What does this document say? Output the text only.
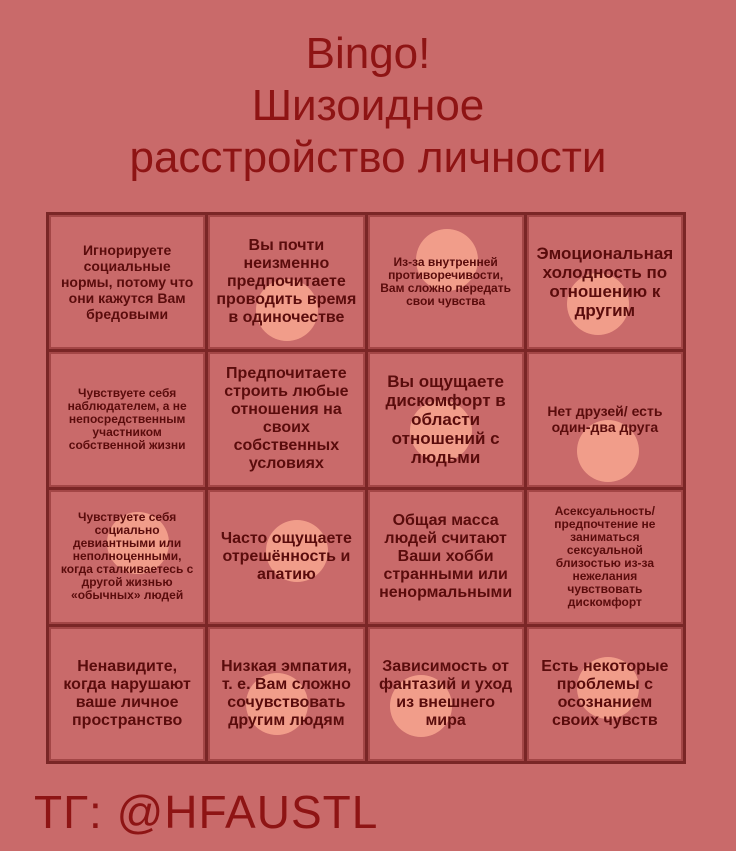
Bingo!
Шизоидное
расстройство личности
Игнорируете социальные нормы, потому что они кажутся Вам бредовыми
Вы почти неизменно предпочитаете проводить время в одиночестве
Из-за внутренней противоречивости, Вам сложно передать свои чувства
Эмоциональная холодность по отношению к другим
Чувствуете себя наблюдателем, а не непосредственным участником собственной жизни
Предпочитаете строить любые отношения на своих собственных условиях
Вы ощущаете дискомфорт в области отношений с людьми
Нет друзей/ есть один-два друга
Чувствуете себя социально девиантными или неполноценными, когда сталкиваетесь с другой жизнью «обычных» людей
Часто ощущаете отрешённость и апатию
Общая масса людей считают Ваши хобби странными или ненормальными
Асексуальность/ предпочтение не заниматься сексуальной близостью из-за нежелания чувствовать дискомфорт
Ненавидите, когда нарушают ваше личное пространство
Низкая эмпатия, т. е. Вам сложно сочувствовать другим людям
Зависимость от фантазий и уход из внешнего мира
Есть некоторые проблемы с осознанием своих чувств
ТГ: @HFAUSTL
